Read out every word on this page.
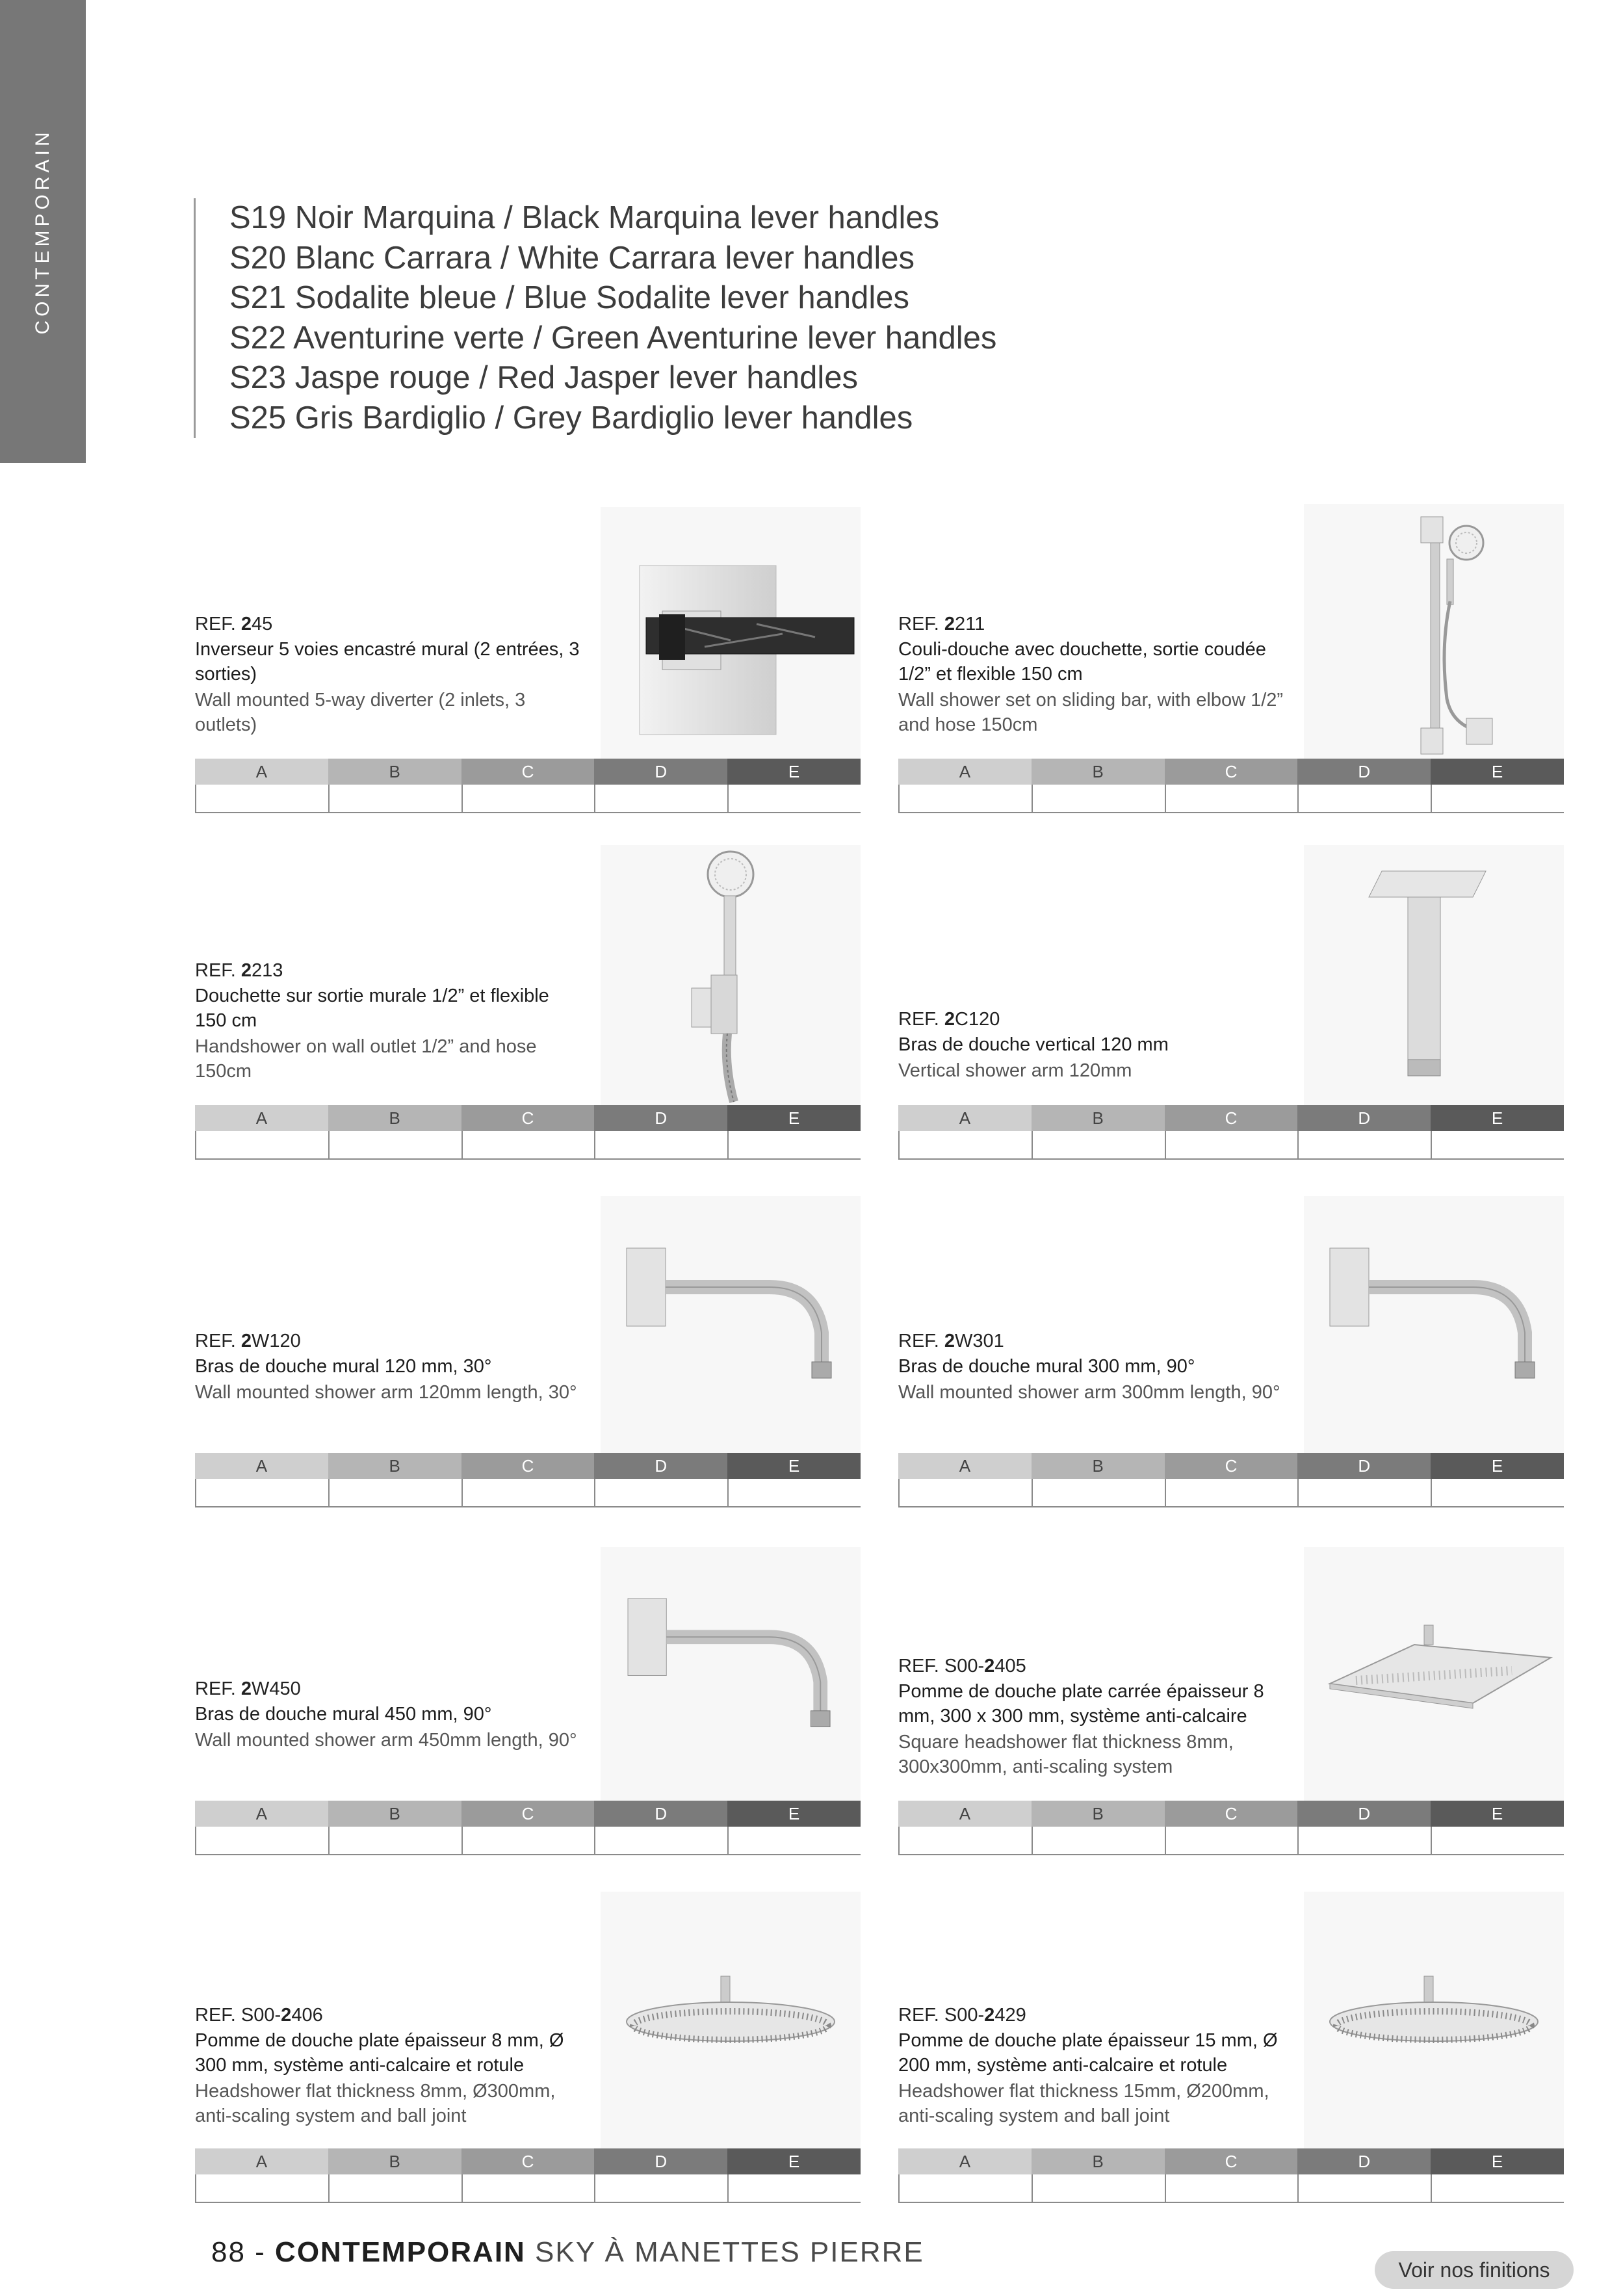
CONTEMPORAIN	S19 Noir Marquina / Black Marquina lever handles
S20 Blanc Carrara / White Carrara lever handles
S21 Sodalite bleue / Blue Sodalite lever handles
S22 Aventurine verte / Green Aventurine lever handles
S23 Jaspe rouge / Red Jasper lever handles
S25 Gris Bardiglio / Grey Bardiglio lever handles
REF. 245
Inverseur 5 voies encastré mural (2 entrées, 3 sorties)
Wall mounted 5-way diverter (2 inlets, 3 outlets)
A	B	C	D	E
REF. 2211
Couli-douche avec douchette, sortie coudée 1/2” et flexible 150 cm
Wall shower set on sliding bar, with elbow 1/2” and hose 150cm
A	B	C	D	E
REF. 2213
Douchette sur sortie murale 1/2” et flexible 150 cm
Handshower on wall outlet 1/2” and hose 150cm
A	B	C	D	E
REF. 2C120
Bras de douche vertical 120 mm
Vertical shower arm 120mm
A	B	C	D	E
REF. 2W120
Bras de douche mural 120 mm, 30°
Wall mounted shower arm 120mm length, 30°
A	B	C	D	E
REF. 2W301
Bras de douche mural 300 mm, 90°
Wall mounted shower arm 300mm length, 90°
A	B	C	D	E
REF. 2W450
Bras de douche mural 450 mm, 90°
Wall mounted shower arm 450mm length, 90°
A	B	C	D	E
REF. S00-2405
Pomme de douche plate carrée épaisseur 8 mm, 300 x 300 mm, système anti-calcaire
Square headshower flat thickness 8mm, 300x300mm, anti-scaling system
A	B	C	D	E
REF. S00-2406
Pomme de douche plate épaisseur 8 mm, Ø 300 mm, système anti-calcaire et rotule
Headshower flat thickness 8mm, Ø300mm, anti-scaling system and ball joint
A	B	C	D	E
REF. S00-2429
Pomme de douche plate épaisseur 15 mm, Ø 200 mm, système anti-calcaire et rotule
Headshower flat thickness 15mm, Ø200mm, anti-scaling system and ball joint
A	B	C	D	E
88 - CONTEMPORAIN SKY À MANETTES PIERRE
Voir nos finitions
